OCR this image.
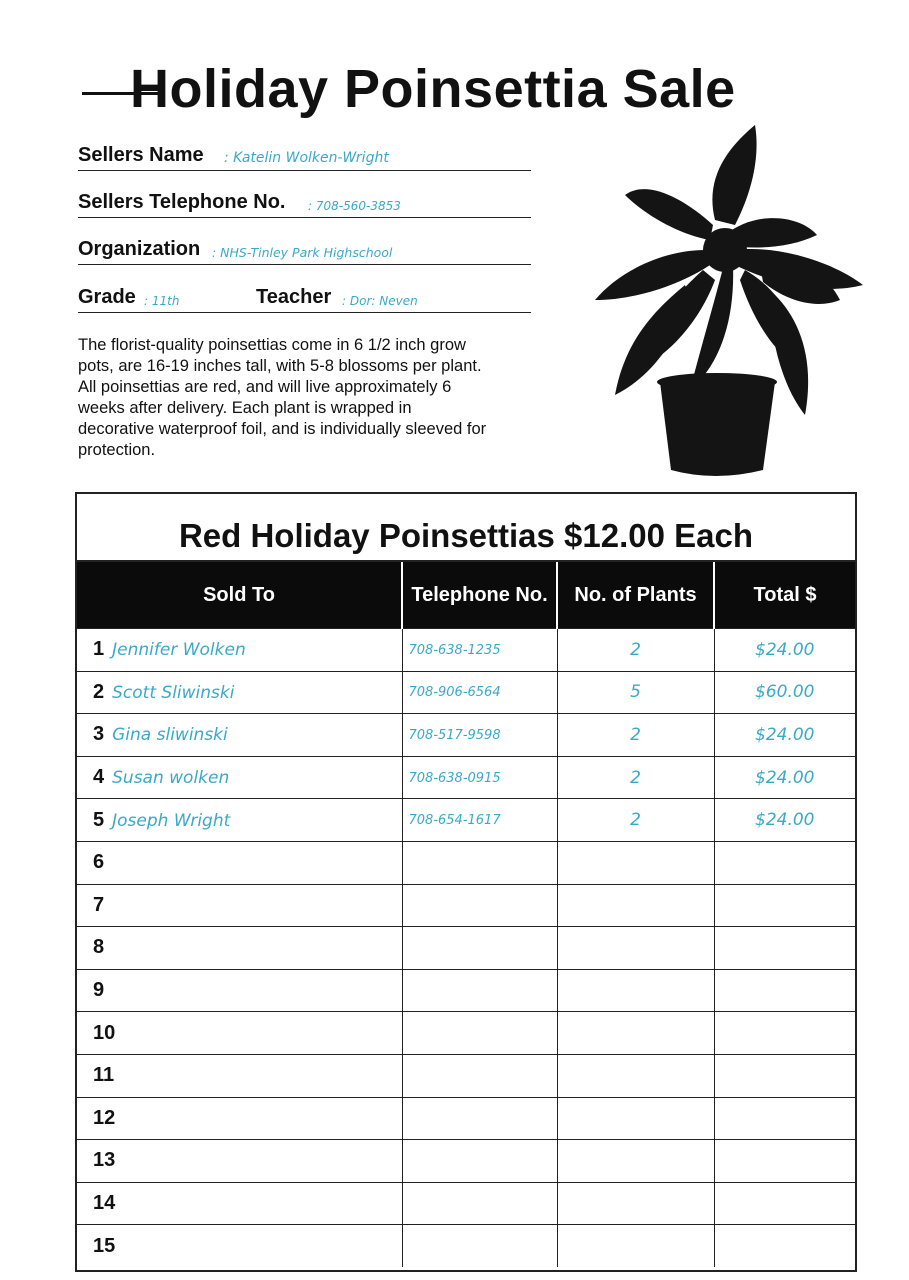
Holiday Poinsettia Sale
Sellers Name : Katelin Wolken-Wright
Sellers Telephone No. : 708-560-3853
Organization : NHS-Tinley Park Highschool
Grade : 11th	Teacher : Dor: Neven

The florist-quality poinsettias come in 6 1/2 inch grow pots, are 16-19 inches tall, with 5-8 blossoms per plant. All poinsettias are red, and will live approximately 6 weeks after delivery. Each plant is wrapped in decorative waterproof foil, and is individually sleeved for protection.

Red Holiday Poinsettias $12.00 Each
Sold To	Telephone No.	No. of Plants	Total $
1 Jennifer Wolken	708-638-1235	2	$24.00

2 Scott Sliwinski	708-906-6564	5	$60.00

3 Gina sliwinski	708-517-9598	2	$24.00

4 Susan wolken	708-638-0915	2	$24.00

5 Joseph Wright	708-654-1617	2	$24.00

6		

7		

8		

9		

10		

11		

12		

13		

14		

15		
